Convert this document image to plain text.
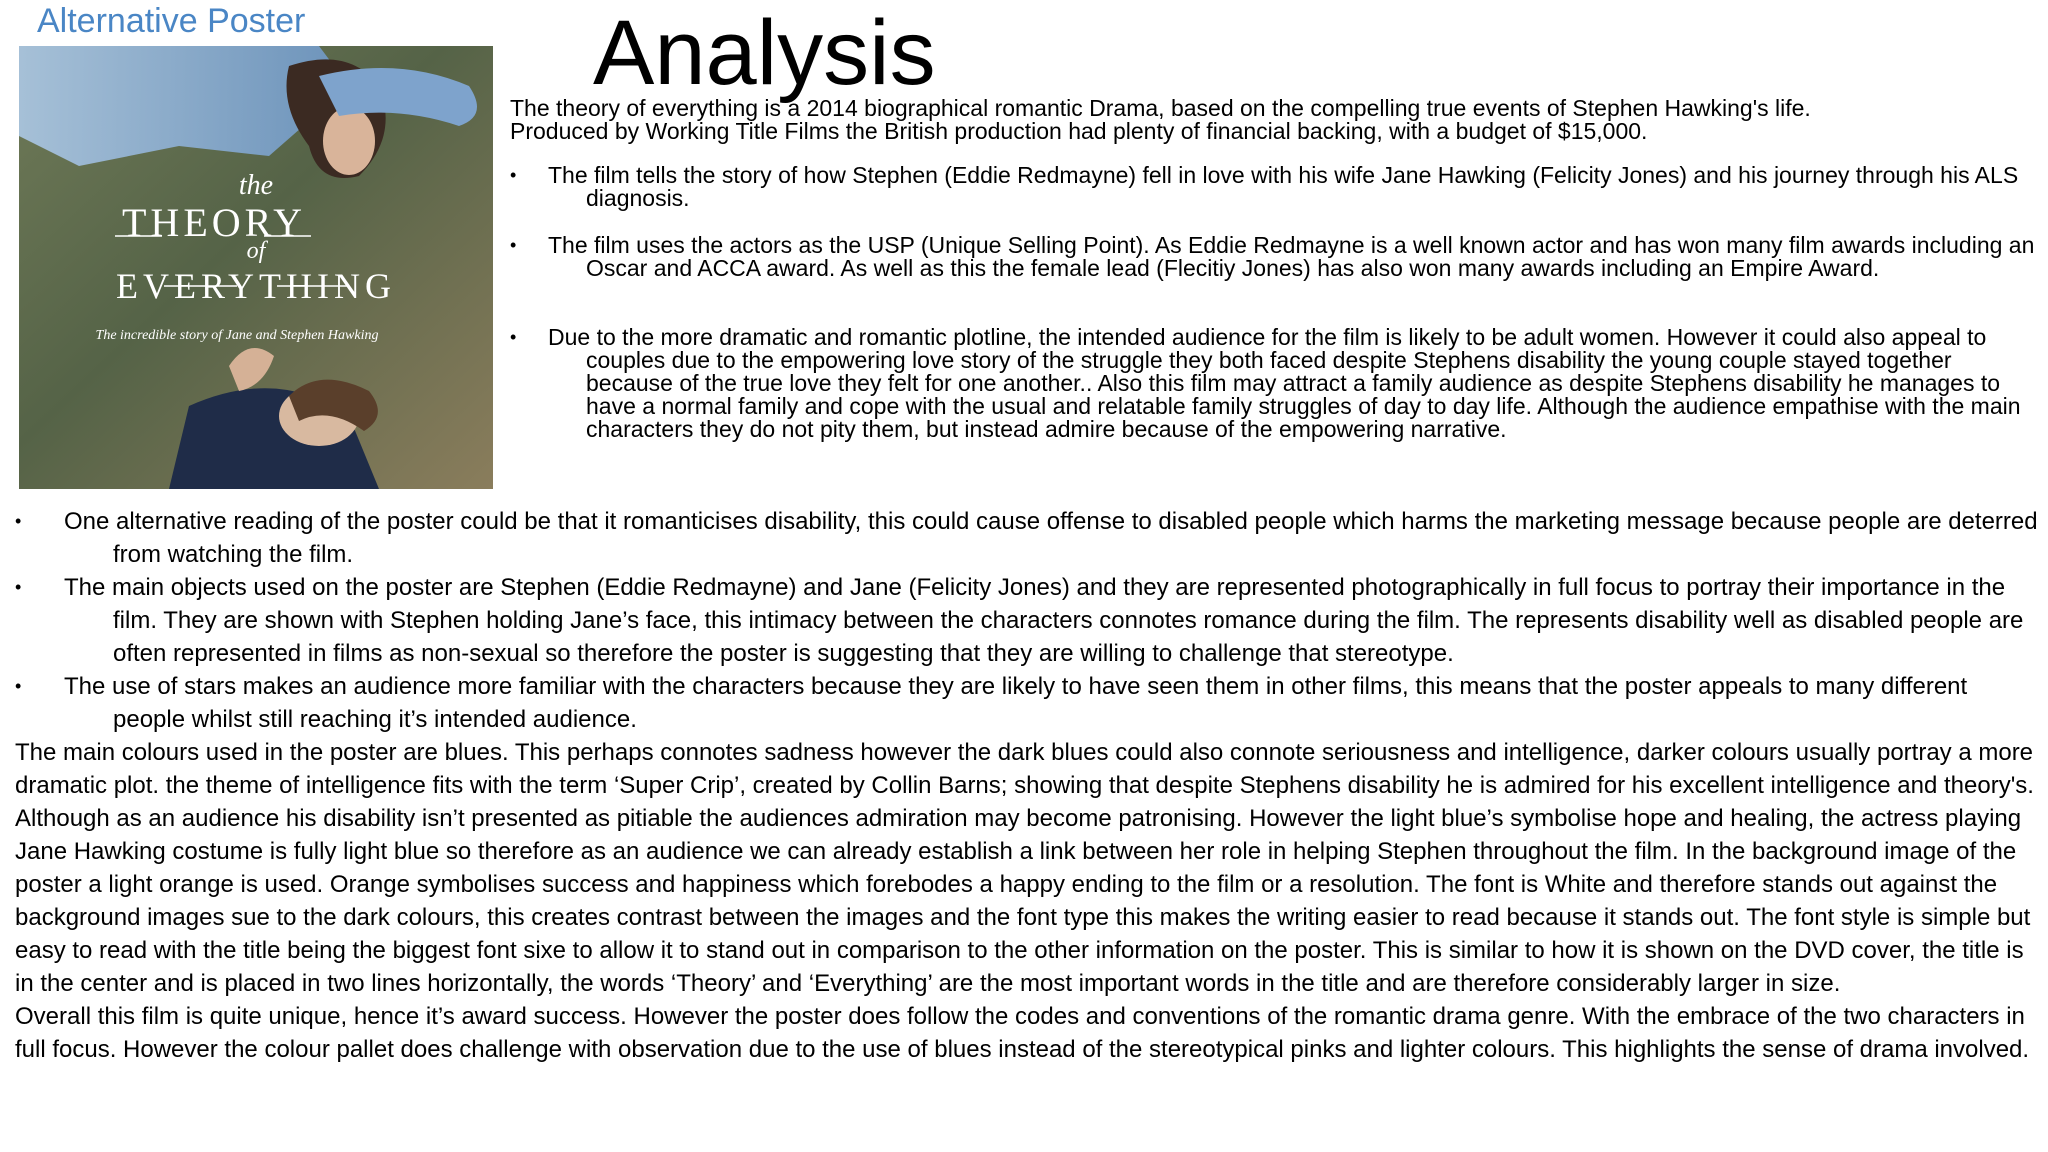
Alternative Poster
the
THEORY
of
EVERYTHING
The incredible story of Jane and Stephen Hawking
Analysis

The theory of everything is a 2014 biographical romantic Drama, based on the compelling true events of Stephen Hawking's life.

Produced by Working Title Films the British production had plenty of financial backing, with a budget of $15,000.

•	The film tells the story of how Stephen (Eddie Redmayne) fell in love with his wife Jane Hawking (Felicity Jones) and his journey through his ALS diagnosis.
•	The film uses the actors as the USP (Unique Selling Point). As Eddie Redmayne is a well known actor and has won many film awards including an Oscar and ACCA award. As well as this the female lead (Flecitiy Jones) has also won many awards including an Empire Award.
•	Due to the more dramatic and romantic plotline, the intended audience for the film is likely to be adult women. However it could also appeal to couples due to the empowering love story of the struggle they both faced despite Stephens disability the young couple stayed together because of the true love they felt for one another.. Also this film may attract a family audience as despite Stephens disability he manages to have a normal family and cope with the usual and relatable family struggles of day to day life. Although the audience empathise with the main characters they do not pity them, but instead admire because of the empowering narrative.
• One alternative reading of the poster could be that it romanticises disability, this could cause offense to disabled people which harms the marketing message because people are deterred from watching the film.
• The main objects used on the poster are Stephen (Eddie Redmayne) and Jane (Felicity Jones) and they are represented photographically in full focus to portray their importance in the film. They are shown with Stephen holding Jane’s face, this intimacy between the characters connotes romance during the film. The represents disability well as disabled people are often represented in films as non-sexual so therefore the poster is suggesting that they are willing to challenge that stereotype.
• The use of stars makes an audience more familiar with the characters because they are likely to have seen them in other films, this means that the poster appeals to many different people whilst still reaching it’s intended audience.

The main colours used in the poster are blues. This perhaps connotes sadness however the dark blues could also connote seriousness and intelligence, darker colours usually portray a more dramatic plot. the theme of intelligence fits with the term ‘Super Crip’, created by Collin Barns; showing that despite Stephens disability he is admired for his excellent intelligence and theory's. Although as an audience his disability isn’t presented as pitiable the audiences admiration may become patronising. However the light blue’s symbolise hope and healing, the actress playing Jane Hawking costume is fully light blue so therefore as an audience we can already establish a link between her role in helping Stephen throughout the film. In the background image of the poster a light orange is used. Orange symbolises success and happiness which forebodes a happy ending to the film or a resolution. The font is White and therefore stands out against the background images sue to the dark colours, this creates contrast between the images and the font type this makes the writing easier to read because it stands out. The font style is simple but easy to read with the title being the biggest font sixe to allow it to stand out in comparison to the other information on the poster. This is similar to how it is shown on the DVD cover, the title is in the center and is placed in two lines horizontally, the words ‘Theory’ and ‘Everything’ are the most important words in the title and are therefore considerably larger in size.

Overall this film is quite unique, hence it’s award success. However the poster does follow the codes and conventions of the romantic drama genre. With the embrace of the two characters in full focus. However the colour pallet does challenge with observation due to the use of blues instead of the stereotypical pinks and lighter colours. This highlights the sense of drama involved.
